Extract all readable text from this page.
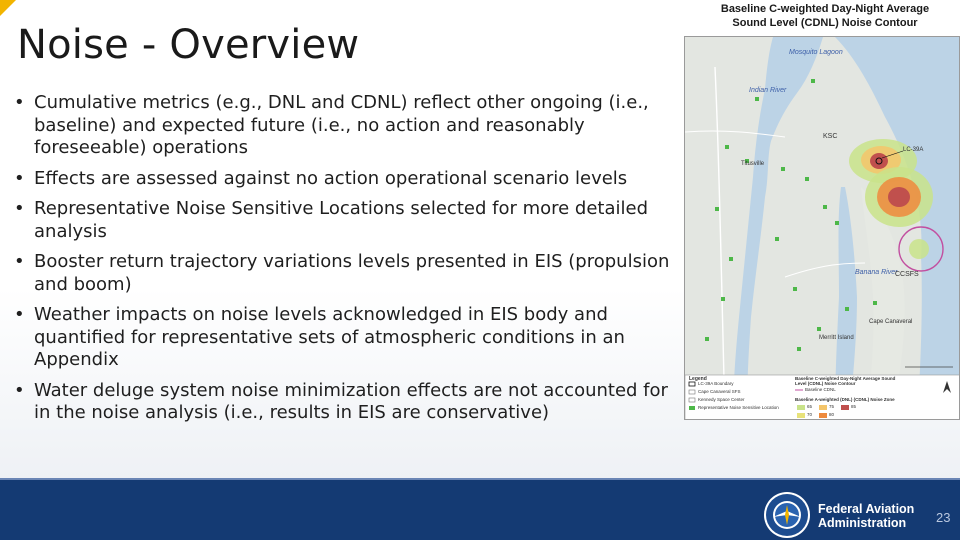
Noise - Overview
• Cumulative metrics (e.g., DNL and CDNL) reflect other ongoing (i.e., baseline) and expected future (i.e., no action and reasonably foreseeable) operations
• Effects are assessed against no action operational scenario levels
• Representative Noise Sensitive Locations selected for more detailed analysis
• Booster return trajectory variations levels presented in EIS (propulsion and boom)
• Weather impacts on noise levels acknowledged in EIS body and quantified for representative sets of atmospheric conditions in an Appendix
• Water deluge system noise minimization effects are not accounted for in the noise analysis (i.e., results in EIS are conservative)
Baseline C-weighted Day-Night Average
Sound Level (CDNL) Noise Contour
Mosquito Lagoon
Indian River
KSC
LC-39A
Titusville
Banana River
CCSFS
Cape Canaveral
Merritt Island
Legend
LC-39A Boundary
Cape Canaveral SFS
Kennedy Space Center
Representative Noise Sensitive Location
Baseline C-weighted Day-Night Average Sound Level (CDNL) Noise Contour
Baseline CDNL
Baseline A-weighted (DNL) (CDNL) Noise Zone
65	75	85
70	80
Federal Aviation
Administration	23
